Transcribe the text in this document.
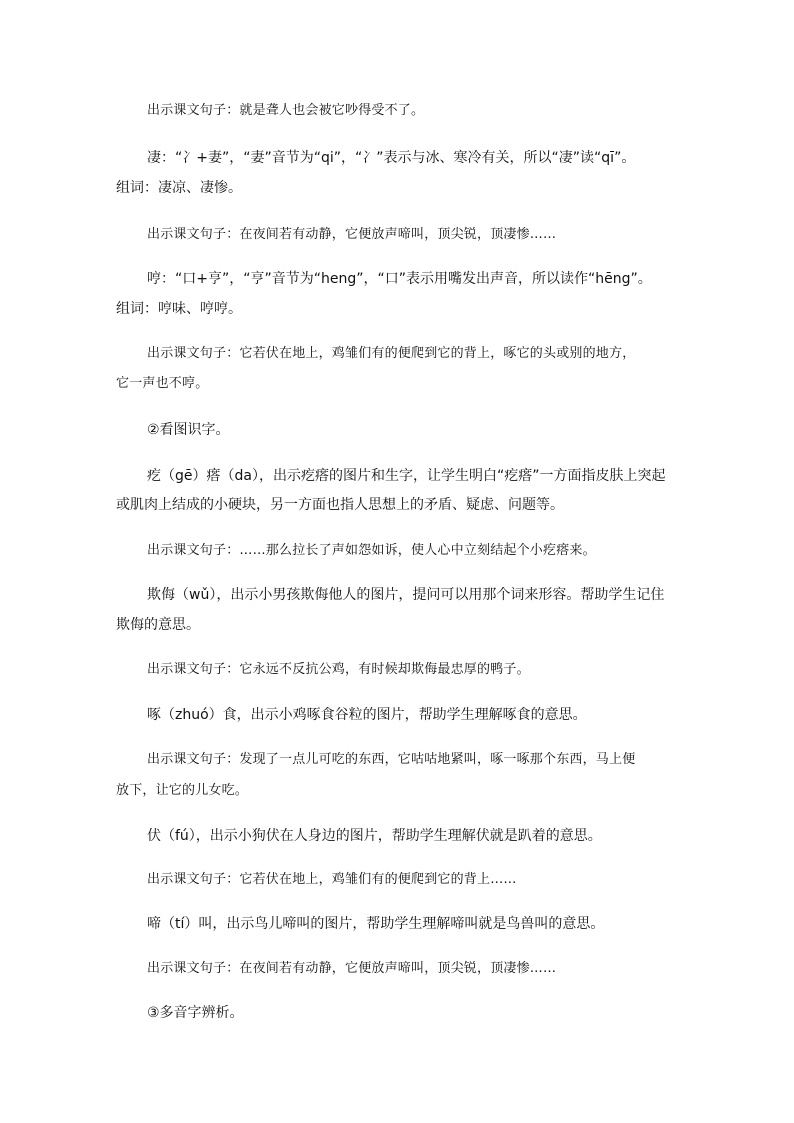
出示课文句子：就是聋人也会被它吵得受不了。
凄：“冫+妻”，“妻”音节为“qi”，“冫”表示与冰、寒冷有关，所以“凄”读“qī”。
组词：凄凉、凄惨。
出示课文句子：在夜间若有动静，它便放声啼叫，顶尖锐，顶凄惨……
哼：“口+亨”，“亨”音节为“heng”，“口”表示用嘴发出声音，所以读作“hēng”。
组词：哼味、哼哼。
出示课文句子：它若伏在地上，鸡雏们有的便爬到它的背上，啄它的头或别的地方，
它一声也不哼。
②看图识字。
疙（gē）瘩（da），出示疙瘩的图片和生字，让学生明白“疙瘩”一方面指皮肤上突起
或肌肉上结成的小硬块，另一方面也指人思想上的矛盾、疑虑、问题等。
出示课文句子：……那么拉长了声如怨如诉，使人心中立刻结起个小疙瘩来。
欺侮（wǔ），出示小男孩欺侮他人的图片，提问可以用那个词来形容。帮助学生记住
欺侮的意思。
出示课文句子：它永远不反抗公鸡，有时候却欺侮最忠厚的鸭子。
啄（zhuó）食，出示小鸡啄食谷粒的图片，帮助学生理解啄食的意思。
出示课文句子：发现了一点儿可吃的东西，它咕咕地紧叫，啄一啄那个东西，马上便
放下，让它的儿女吃。
伏（fú），出示小狗伏在人身边的图片，帮助学生理解伏就是趴着的意思。
出示课文句子：它若伏在地上，鸡雏们有的便爬到它的背上……
啼（tí）叫，出示鸟儿啼叫的图片，帮助学生理解啼叫就是鸟兽叫的意思。
出示课文句子：在夜间若有动静，它便放声啼叫，顶尖锐，顶凄惨……
③多音字辨析。
